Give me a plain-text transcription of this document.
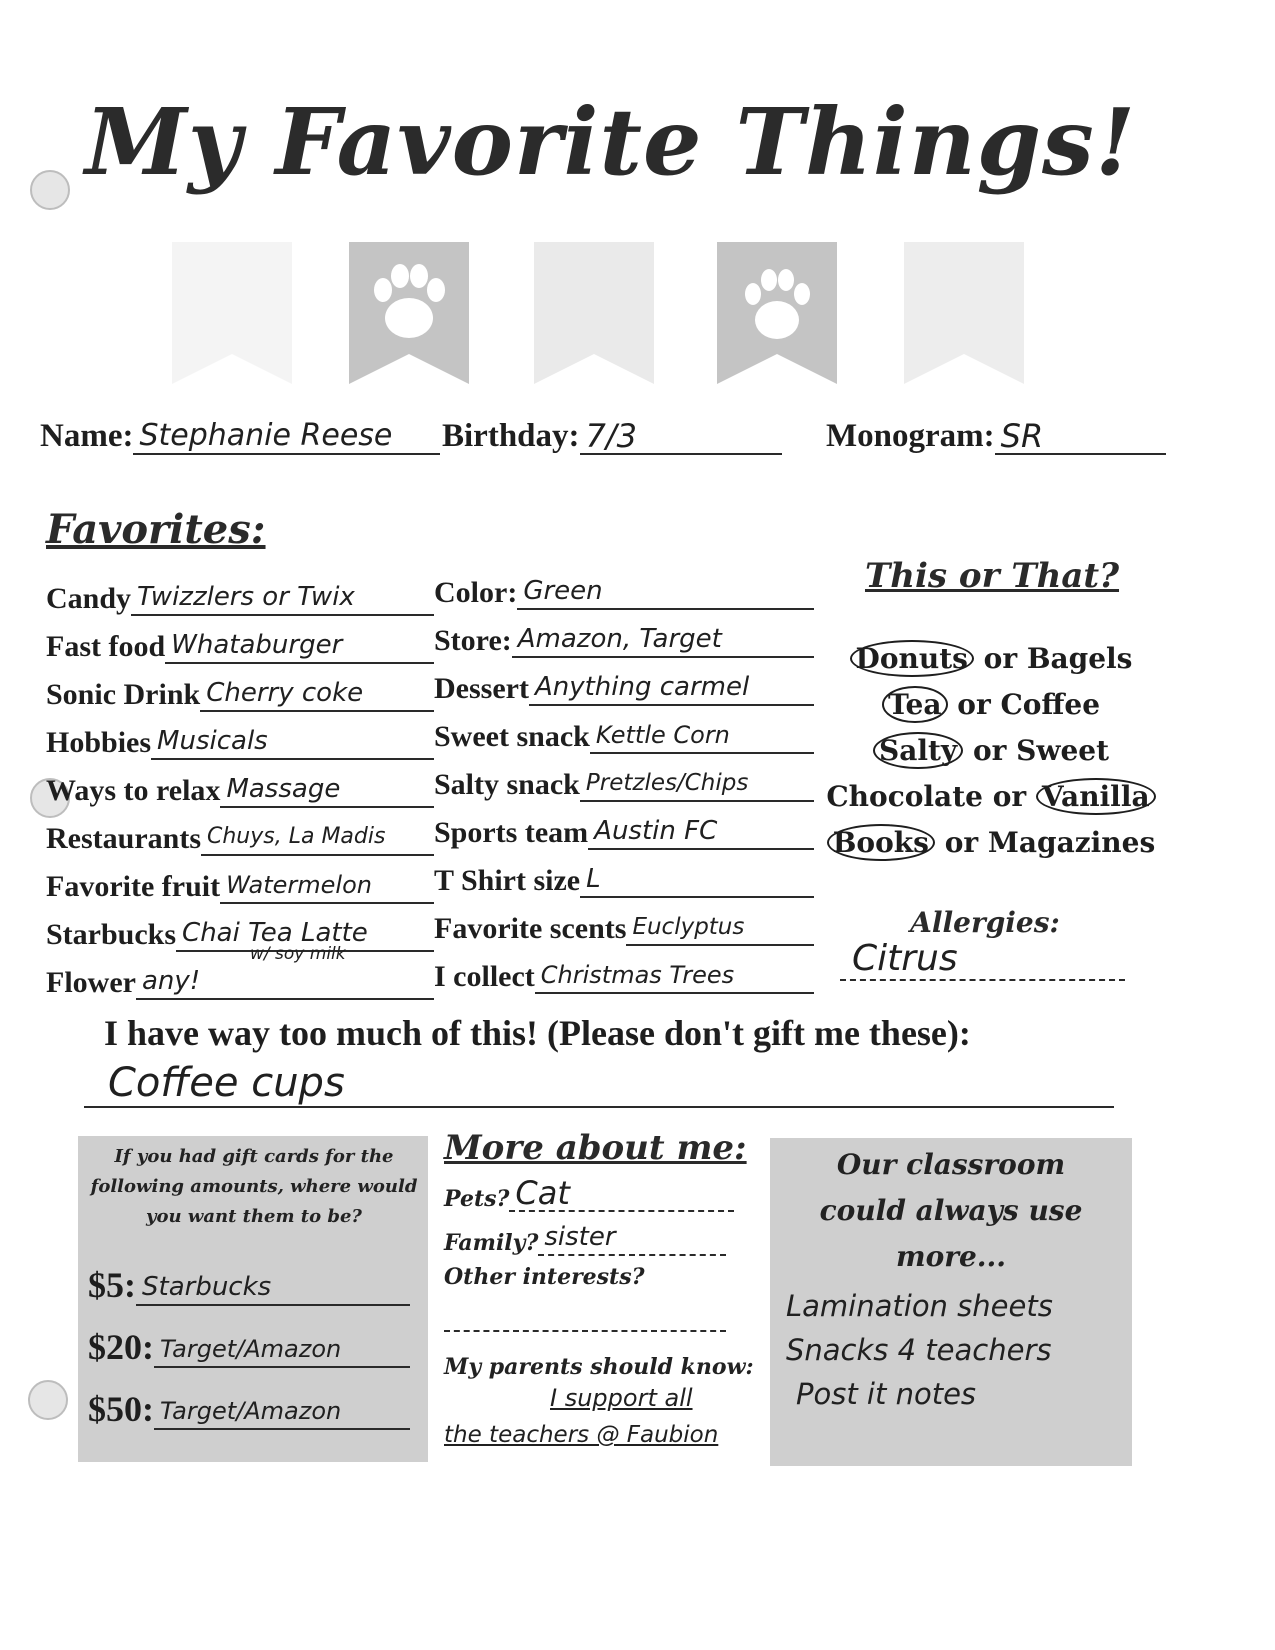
My Favorite Things!
Name: Stephanie Reese	Birthday: 7/3	Monogram: SR
Favorites:
Candy Twizzlers or Twix
Fast food Whataburger
Sonic Drink Cherry coke
Hobbies Musicals
Ways to relax Massage
Restaurants Chuys, La Madis
Favorite fruit Watermelon
Starbucks Chai Tea Latte
Flower any!
w/ soy milk
Color: Green
Store: Amazon, Target
Dessert Anything carmel
Sweet snack Kettle Corn
Salty snack Pretzles/Chips
Sports team Austin FC
T Shirt size L
Favorite scents Euclyptus
I collect Christmas Trees
This or That?
Donuts or Bagels
Tea or Coffee
Salty or Sweet
Chocolate or Vanilla
Books or Magazines
Allergies:
Citrus
I have way too much of this! (Please don't gift me these):
Coffee cups
If you had gift cards for the following amounts, where would you want them to be?
$5: Starbucks
$20: Target/Amazon
$50: Target/Amazon
More about me:
Pets? Cat
Family? sister
Other interests?
My parents should know:
I support all
the teachers @ Faubion
Our classroom could always use more...
Lamination sheets
Snacks 4 teachers
Post it notes
